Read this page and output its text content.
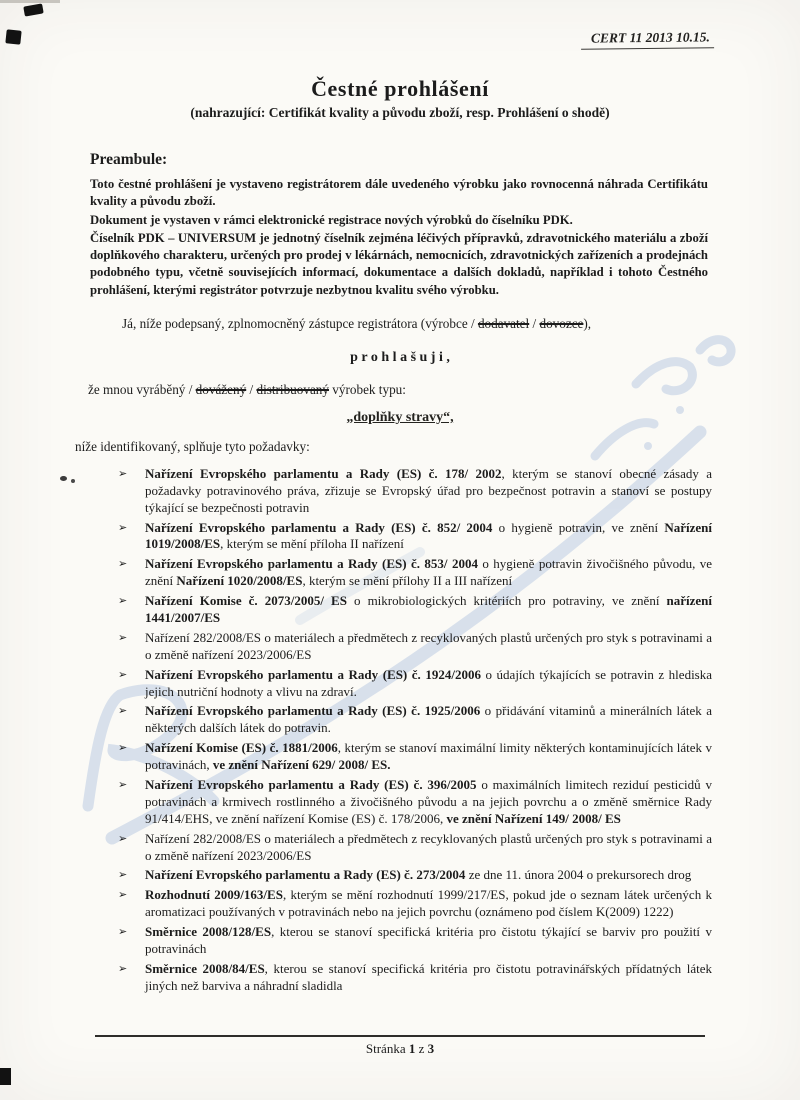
CERT 11 2013 10.15.
Čestné prohlášení
(nahrazující: Certifikát kvality a původu zboží, resp. Prohlášení o shodě)
Preambule:

Toto čestné prohlášení je vystaveno registrátorem dále uvedeného výrobku jako rovnocenná náhrada Certifikátu kvality a původu zboží.

Dokument je vystaven v rámci elektronické registrace nových výrobků do číselníku PDK.

Číselník PDK – UNIVERSUM je jednotný číselník zejména léčivých přípravků, zdravotnického materiálu a zboží doplňkového charakteru, určených pro prodej v lékárnách, nemocnicích, zdravotnických zařízeních a prodejnách podobného typu, včetně souvisejících informací, dokumentace a dalších dokladů, například i tohoto Čestného prohlášení, kterými registrátor potvrzuje nezbytnou kvalitu svého výrobku.

Já, níže podepsaný, zplnomocněný zástupce registrátora (výrobce / dodavatel / dovozce),

p r o h l a š u j i ,

že mnou vyráběný / dovážený / distribuovaný výrobek typu:

„doplňky stravy“,

níže identifikovaný, splňuje tyto požadavky:

➢ Nařízení Evropského parlamentu a Rady (ES) č. 178/ 2002, kterým se stanoví obecné zásady a požadavky potravinového práva, zřizuje se Evropský úřad pro bezpečnost potravin a stanoví se postupy týkající se bezpečnosti potravin
➢ Nařízení Evropského parlamentu a Rady (ES) č. 852/ 2004 o hygieně potravin, ve znění Nařízení 1019/2008/ES, kterým se mění příloha II nařízení
➢ Nařízení Evropského parlamentu a Rady (ES) č. 853/ 2004 o hygieně potravin živočišného původu, ve znění Nařízení 1020/2008/ES, kterým se mění přílohy II a III nařízení
➢ Nařízení Komise č. 2073/2005/ ES o mikrobiologických kritériích pro potraviny, ve znění nařízení 1441/2007/ES
➢ Nařízení 282/2008/ES o materiálech a předmětech z recyklovaných plastů určených pro styk s potravinami a o změně nařízení 2023/2006/ES
➢ Nařízení Evropského parlamentu a Rady (ES) č. 1924/2006 o údajích týkajících se potravin z hlediska jejich nutriční hodnoty a vlivu na zdraví.
➢ Nařízení Evropského parlamentu a Rady (ES) č. 1925/2006 o přidávání vitaminů a minerálních látek a některých dalších látek do potravin.
➢ Nařízení Komise (ES) č. 1881/2006, kterým se stanoví maximální limity některých kontaminujících látek v potravinách, ve znění Nařízení 629/ 2008/ ES.
➢ Nařízení Evropského parlamentu a Rady (ES) č. 396/2005 o maximálních limitech reziduí pesticidů v potravinách a krmivech rostlinného a živočišného původu a na jejich povrchu a o změně směrnice Rady 91/414/EHS, ve znění nařízení Komise (ES) č. 178/2006, ve znění Nařízení 149/ 2008/ ES
➢ Nařízení 282/2008/ES o materiálech a předmětech z recyklovaných plastů určených pro styk s potravinami a o změně nařízení 2023/2006/ES
➢ Nařízení Evropského parlamentu a Rady (ES) č. 273/2004 ze dne 11. února 2004 o prekursorech drog
➢ Rozhodnutí 2009/163/ES, kterým se mění rozhodnutí 1999/217/ES, pokud jde o seznam látek určených k aromatizaci používaných v potravinách nebo na jejich povrchu (oznámeno pod číslem K(2009) 1222)
➢ Směrnice 2008/128/ES, kterou se stanoví specifická kritéria pro čistotu týkající se barviv pro použití v potravinách
➢ Směrnice 2008/84/ES, kterou se stanoví specifická kritéria pro čistotu potravinářských přídatných látek jiných než barviva a náhradní sladidla
Stránka 1 z 3
